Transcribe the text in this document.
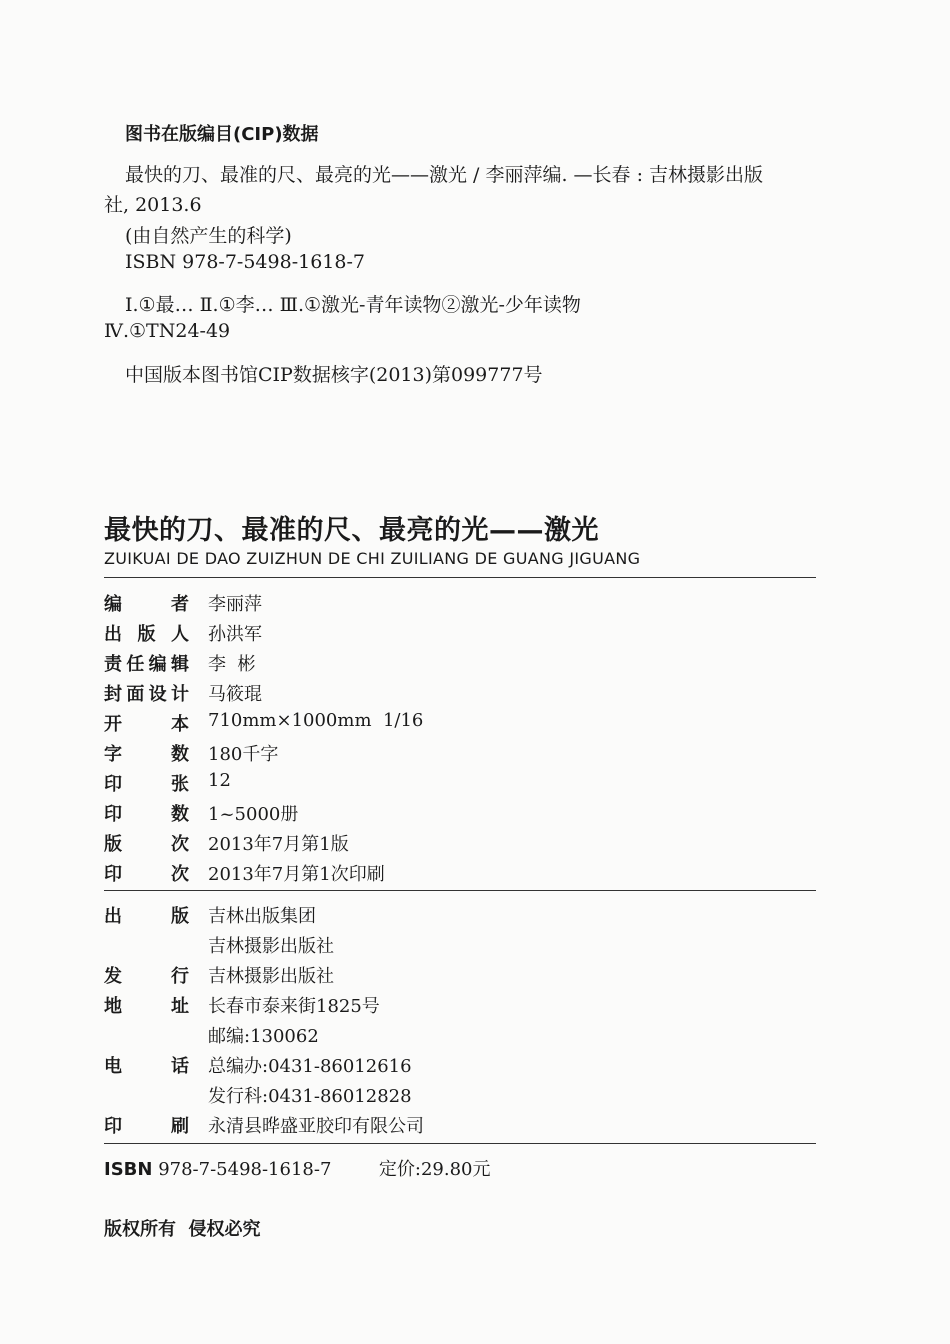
图书在版编目(CIP)数据
最快的刀、最准的尺、最亮的光——激光 / 李丽萍编. —长春 : 吉林摄影出版
社, 2013.6
(由自然产生的科学)
ISBN 978-7-5498-1618-7
Ⅰ.①最… Ⅱ.①李… Ⅲ.①激光-青年读物②激光-少年读物
Ⅳ.①TN24-49
中国版本图书馆CIP数据核字(2013)第099777号
最快的刀、最准的尺、最亮的光——激光
ZUIKUAI DE DAO ZUIZHUN DE CHI ZUILIANG DE GUANG JIGUANG
编者 李丽萍
出版人 孙洪军
责任编辑 李  彬
封面设计 马筱琨
开本 710mm×1000mm  1/16
字数 180千字
印张 12
印数 1~5000册
版次 2013年7月第1版
印次 2013年7月第1次印刷
出版 吉林出版集团
吉林摄影出版社
发行 吉林摄影出版社
地址 长春市泰来街1825号
邮编:130062
电话 总编办:0431-86012616
发行科:0431-86012828
印刷 永清县晔盛亚胶印有限公司
ISBN 978-7-5498-1618-7	定价:29.80元
版权所有  侵权必究
